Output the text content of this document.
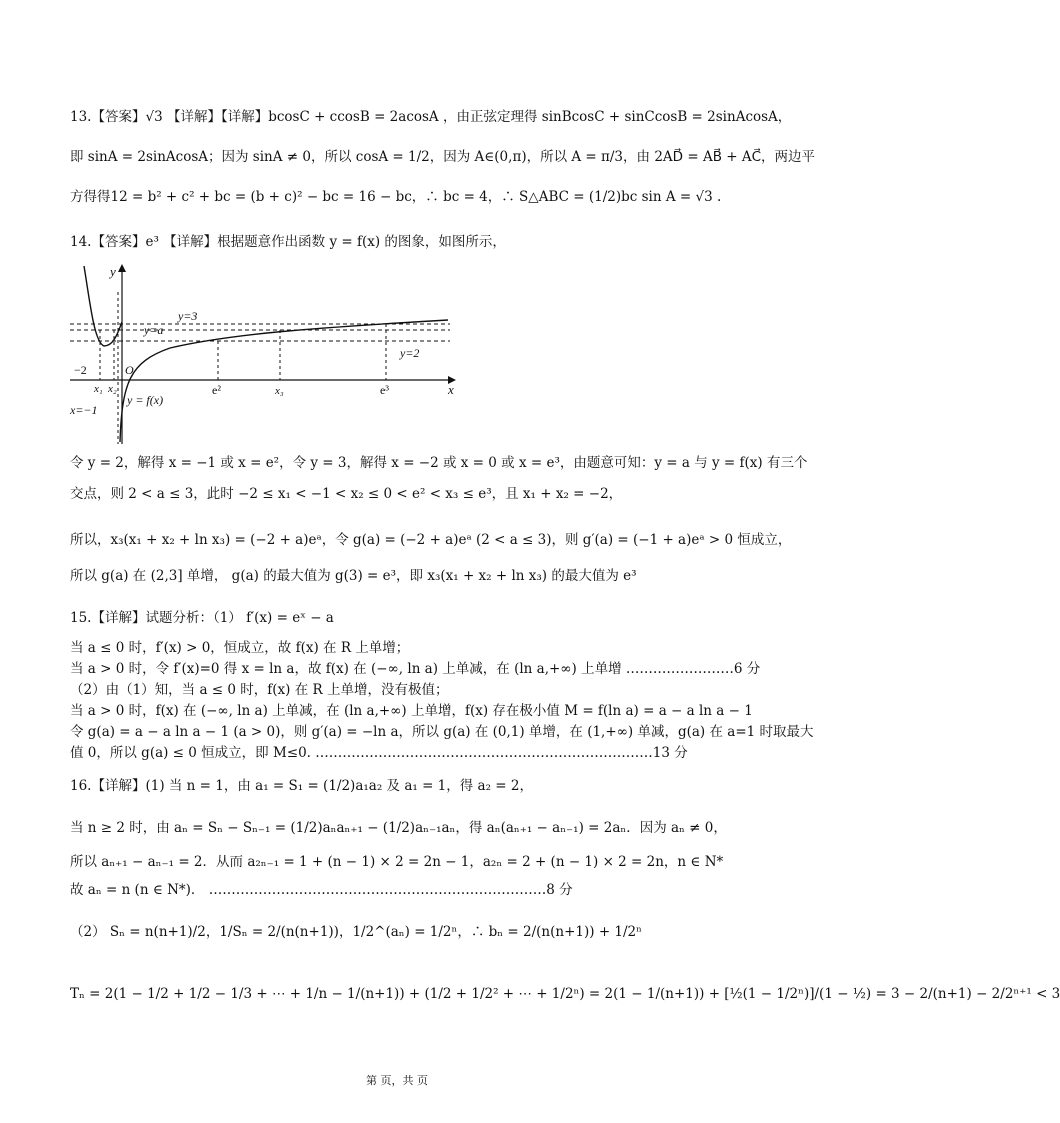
13.【答案】√3 【详解】【详解】bcosC + ccosB = 2acosA ，由正弦定理得 sinBcosC + sinCcosB = 2sinAcosA，
即 sinA = 2sinAcosA；因为 sinA ≠ 0，所以 cosA = 1/2，因为 A∈(0,π)，所以 A = π/3，由 2AD⃗ = AB⃗ + AC⃗，两边平
方得得12 = b² + c² + bc = (b + c)² − bc = 16 − bc，∴ bc = 4，∴ S△ABC = (1/2)bc sin A = √3 .
14.【答案】e³ 【详解】根据题意作出函数 y = f(x) 的图象，如图所示，
令 y = 2，解得 x = −1 或 x = e²，令 y = 3，解得 x = −2 或 x = 0 或 x = e³，由题意可知：y = a 与 y = f(x) 有三个
交点，则 2 < a ≤ 3，此时 −2 ≤ x₁ < −1 < x₂ ≤ 0 < e² < x₃ ≤ e³，且 x₁ + x₂ = −2，
所以，x₃(x₁ + x₂ + ln x₃) = (−2 + a)eᵃ，令 g(a) = (−2 + a)eᵃ (2 < a ≤ 3)，则 g′(a) = (−1 + a)eᵃ > 0 恒成立，
所以 g(a) 在 (2,3] 单增， g(a) 的最大值为 g(3) = e³，即 x₃(x₁ + x₂ + ln x₃) 的最大值为 e³
15.【详解】试题分析：（1） f′(x) = eˣ − a
当 a ≤ 0 时，f′(x) > 0，恒成立，故 f(x) 在 R 上单增；
当 a > 0 时，令 f′(x)=0 得 x = ln a，故 f(x) 在 (−∞, ln a) 上单减，在 (ln a,+∞) 上单增 ……………………6 分
（2）由（1）知，当 a ≤ 0 时，f(x) 在 R 上单增，没有极值；
当 a > 0 时，f(x) 在 (−∞, ln a) 上单减，在 (ln a,+∞) 上单增，f(x) 存在极小值 M = f(ln a) = a − a ln a − 1
令 g(a) = a − a ln a − 1 (a > 0)，则 g′(a) = −ln a，所以 g(a) 在 (0,1) 单增，在 (1,+∞) 单减，g(a) 在 a=1 时取最大
值 0，所以 g(a) ≤ 0 恒成立，即 M≤0. …………………………………………………………………13 分
16.【详解】(1) 当 n = 1，由 a₁ = S₁ = (1/2)a₁a₂ 及 a₁ = 1，得 a₂ = 2，
当 n ≥ 2 时，由 aₙ = Sₙ − Sₙ₋₁ = (1/2)aₙaₙ₊₁ − (1/2)aₙ₋₁aₙ，得 aₙ(aₙ₊₁ − aₙ₋₁) = 2aₙ．因为 aₙ ≠ 0，
所以 aₙ₊₁ − aₙ₋₁ = 2．从而 a₂ₙ₋₁ = 1 + (n − 1) × 2 = 2n − 1，a₂ₙ = 2 + (n − 1) × 2 = 2n，n ∈ N*
故 aₙ = n (n ∈ N*)． …………………………………………………………………8 分
（2） Sₙ = n(n+1)/2，1/Sₙ = 2/(n(n+1))，1/2^(aₙ) = 1/2ⁿ，∴ bₙ = 2/(n(n+1)) + 1/2ⁿ
Tₙ = 2(1 − 1/2 + 1/2 − 1/3 + ⋯ + 1/n − 1/(n+1)) + (1/2 + 1/2² + ⋯ + 1/2ⁿ) = 2(1 − 1/(n+1)) + [½(1 − 1/2ⁿ)]/(1 − ½) = 3 − 2/(n+1) − 2/2ⁿ⁺¹ < 3
y
x
O
y=3
y=a
y=2
−2
x₁ x₂	e²	x₃	e³
x=−1
y = f(x)
第 页，共 页
